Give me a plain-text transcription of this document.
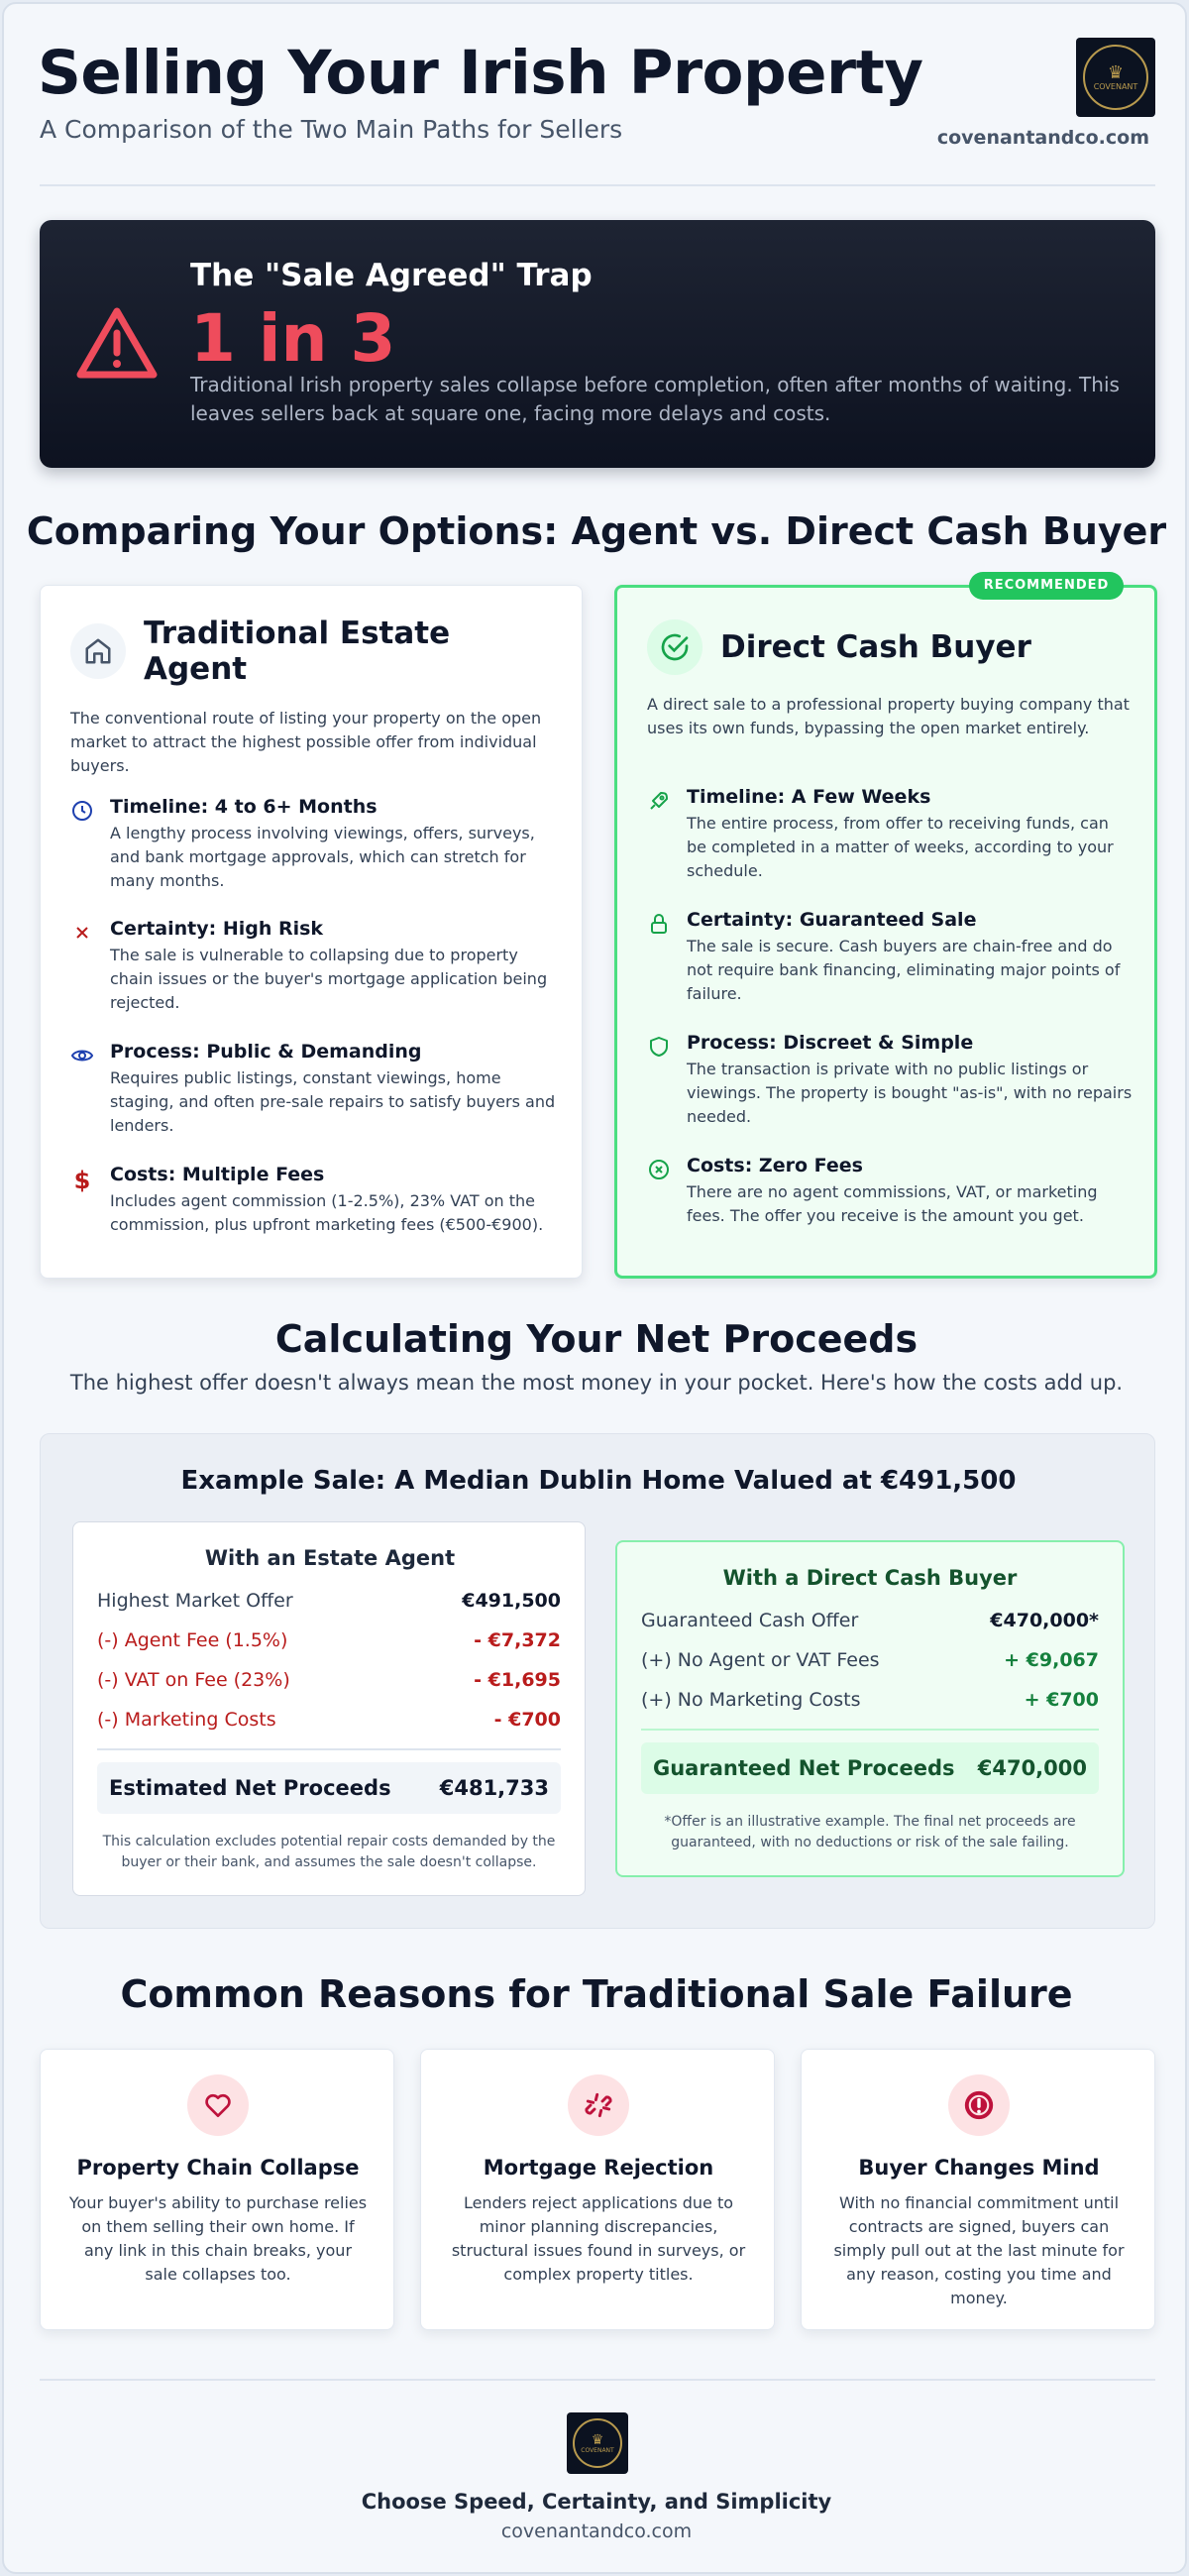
Selling Your Irish Property
A Comparison of the Two Main Paths for Sellers
♛
COVENANT
covenantandco.com
The "Sale Agreed" Trap
1 in 3
Traditional Irish property sales collapse before completion, often after months of waiting. This leaves sellers back at square one, facing more delays and costs.
Comparing Your Options: Agent vs. Direct Cash Buyer
Traditional Estate Agent
The conventional route of listing your property on the open market to attract the highest possible offer from individual buyers.
Timeline: 4 to 6+ Months
A lengthy process involving viewings, offers, surveys, and bank mortgage approvals, which can stretch for many months.
Certainty: High Risk
The sale is vulnerable to collapsing due to property chain issues or the buyer's mortgage application being rejected.
Process: Public & Demanding
Requires public listings, constant viewings, home staging, and often pre-sale repairs to satisfy buyers and lenders.
$ Costs: Multiple Fees
Includes agent commission (1-2.5%), 23% VAT on the commission, plus upfront marketing fees (€500-€900).
Direct Cash Buyer
A direct sale to a professional property buying company that uses its own funds, bypassing the open market entirely.
Timeline: A Few Weeks
The entire process, from offer to receiving funds, can be completed in a matter of weeks, according to your schedule.
Certainty: Guaranteed Sale
The sale is secure. Cash buyers are chain-free and do not require bank financing, eliminating major points of failure.
Process: Discreet & Simple
The transaction is private with no public listings or viewings. The property is bought "as-is", with no repairs needed.
Costs: Zero Fees
There are no agent commissions, VAT, or marketing fees. The offer you receive is the amount you get.
RECOMMENDED
Calculating Your Net Proceeds
The highest offer doesn't always mean the most money in your pocket. Here's how the costs add up.
Example Sale: A Median Dublin Home Valued at €491,500
With an Estate Agent
Highest Market Offer	€491,500
(-) Agent Fee (1.5%)	- €7,372
(-) VAT on Fee (23%)	- €1,695
(-) Marketing Costs	- €700
Estimated Net Proceeds €481,733
This calculation excludes potential repair costs demanded by the buyer or their bank, and assumes the sale doesn't collapse.
With a Direct Cash Buyer
Guaranteed Cash Offer	€470,000*
(+) No Agent or VAT Fees	+ €9,067
(+) No Marketing Costs	+ €700
Guaranteed Net Proceeds €470,000
*Offer is an illustrative example. The final net proceeds are guaranteed, with no deductions or risk of the sale failing.
Common Reasons for Traditional Sale Failure
Property Chain Collapse
Your buyer's ability to purchase relies on them selling their own home. If any link in this chain breaks, your sale collapses too.
Mortgage Rejection
Lenders reject applications due to minor planning discrepancies, structural issues found in surveys, or complex property titles.
Buyer Changes Mind
With no financial commitment until contracts are signed, buyers can simply pull out at the last minute for any reason, costing you time and money.
♛
COVENANT
Choose Speed, Certainty, and Simplicity
covenantandco.com
